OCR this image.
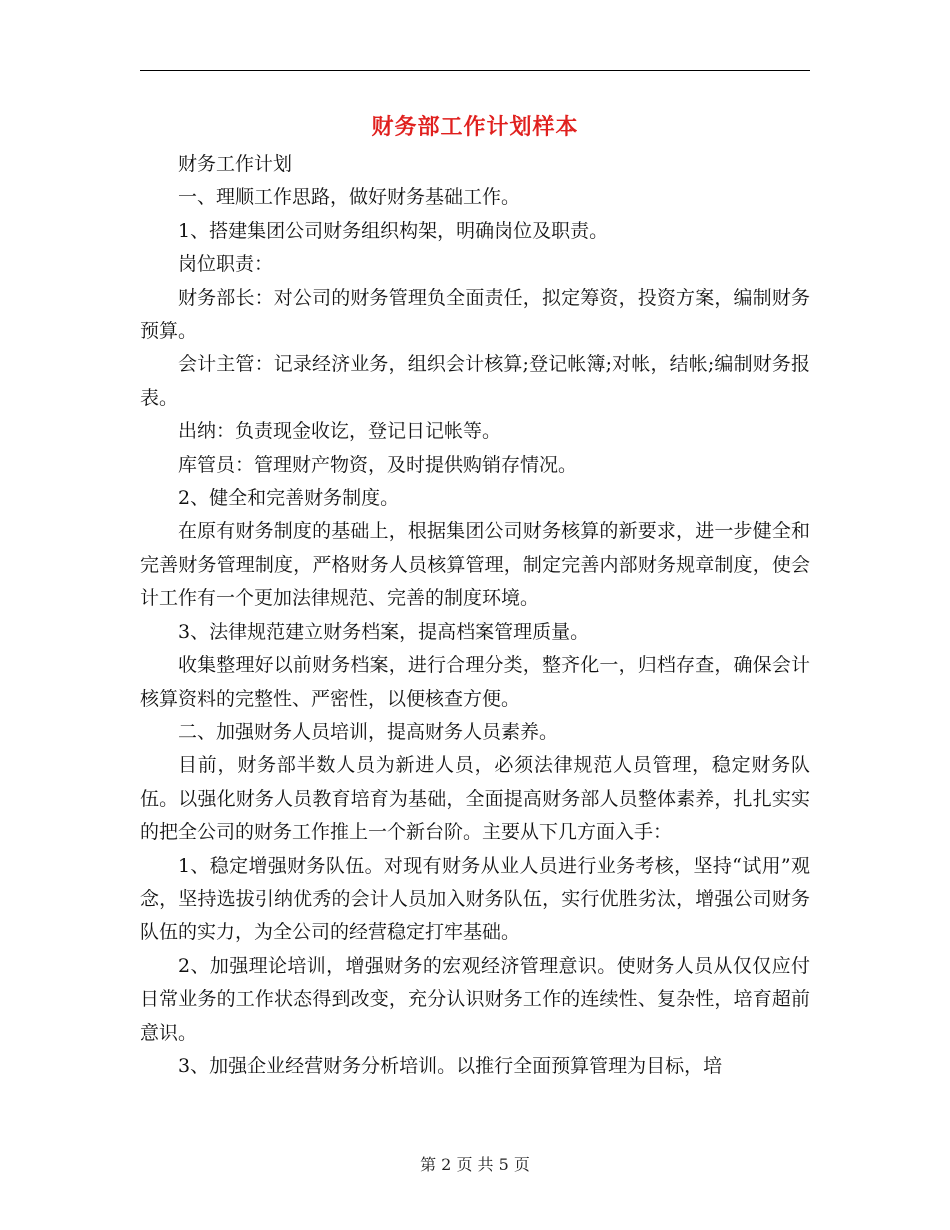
财务部工作计划样本

财务工作计划

一、理顺工作思路，做好财务基础工作。

1、搭建集团公司财务组织构架，明确岗位及职责。

岗位职责：

财务部长：对公司的财务管理负全面责任，拟定筹资，投资方案，编制财务预算。

会计主管：记录经济业务，组织会计核算;登记帐簿;对帐，结帐;编制财务报表。

出纳：负责现金收讫，登记日记帐等。

库管员：管理财产物资，及时提供购销存情况。

2、健全和完善财务制度。

在原有财务制度的基础上，根据集团公司财务核算的新要求，进一步健全和完善财务管理制度，严格财务人员核算管理，制定完善内部财务规章制度，使会计工作有一个更加法律规范、完善的制度环境。

3、法律规范建立财务档案，提高档案管理质量。

收集整理好以前财务档案，进行合理分类，整齐化一，归档存查，确保会计核算资料的完整性、严密性，以便核查方便。

二、加强财务人员培训，提高财务人员素养。

目前，财务部半数人员为新进人员，必须法律规范人员管理，稳定财务队伍。以强化财务人员教育培育为基础，全面提高财务部人员整体素养，扎扎实实的把全公司的财务工作推上一个新台阶。主要从下几方面入手：

1、稳定增强财务队伍。对现有财务从业人员进行业务考核，坚持“试用”观念，坚持选拔引纳优秀的会计人员加入财务队伍，实行优胜劣汰，增强公司财务队伍的实力，为全公司的经营稳定打牢基础。

2、加强理论培训，增强财务的宏观经济管理意识。使财务人员从仅仅应付日常业务的工作状态得到改变，充分认识财务工作的连续性、复杂性，培育超前意识。

3、加强企业经营财务分析培训。以推行全面预算管理为目标，培

第 2 页 共 5 页
